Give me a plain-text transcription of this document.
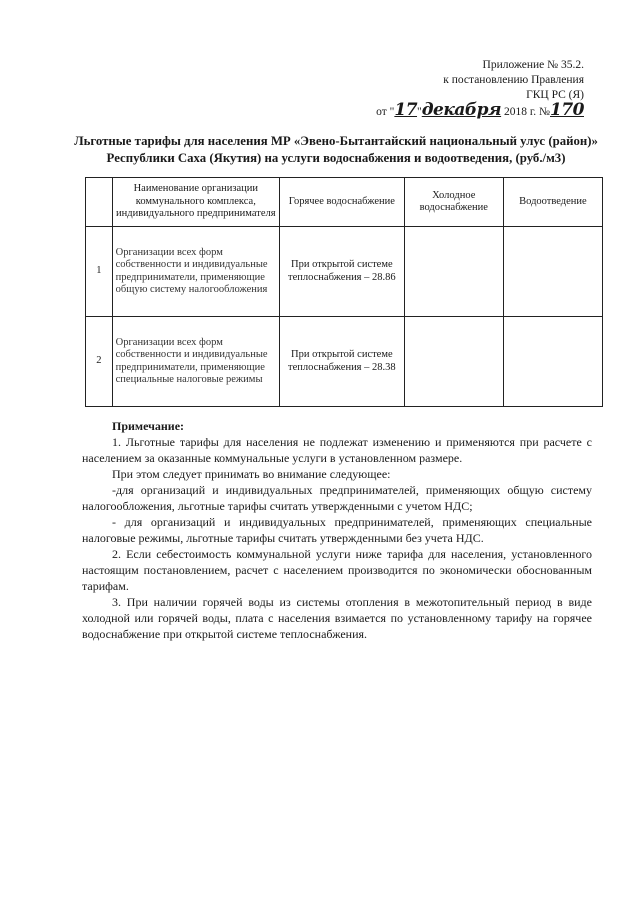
Приложение № 35.2.
к постановлению Правления
ГКЦ РС (Я)
от "17"декабря 2018 г. №170
Льготные тарифы для населения МР «Эвено-Бытантайский национальный улус (район)» Республики Саха (Якутия) на услуги водоснабжения и водоотведения, (руб./м3)
	Наименование организации коммунального комплекса, индивидуального предпринимателя	Горячее водоснабжение	Холодное водоснабжение	Водоотведение
1	Организации всех форм собственности и индивидуальные предприниматели, применяющие общую систему налогообложения	При открытой системе теплоснабжения – 28.86		
2	Организации всех форм собственности и индивидуальные предприниматели, применяющие специальные налоговые режимы	При открытой системе теплоснабжения – 28.38		

Примечание:

1. Льготные тарифы для населения не подлежат изменению и применяются при расчете с населением за оказанные коммунальные услуги в установленном размере.

При этом следует принимать во внимание следующее:

-для организаций и индивидуальных предпринимателей, применяющих общую систему налогообложения, льготные тарифы считать утвержденными с учетом НДС;

- для организаций и индивидуальных предпринимателей, применяющих специальные налоговые режимы, льготные тарифы считать утвержденными без учета НДС.

2. Если себестоимость коммунальной услуги ниже тарифа для населения, установленного настоящим постановлением, расчет с населением производится по экономически обоснованным тарифам.

3. При наличии горячей воды из системы отопления в межотопительный период в виде холодной или горячей воды, плата с населения взимается по установленному тарифу на горячее водоснабжение при открытой системе теплоснабжения.
